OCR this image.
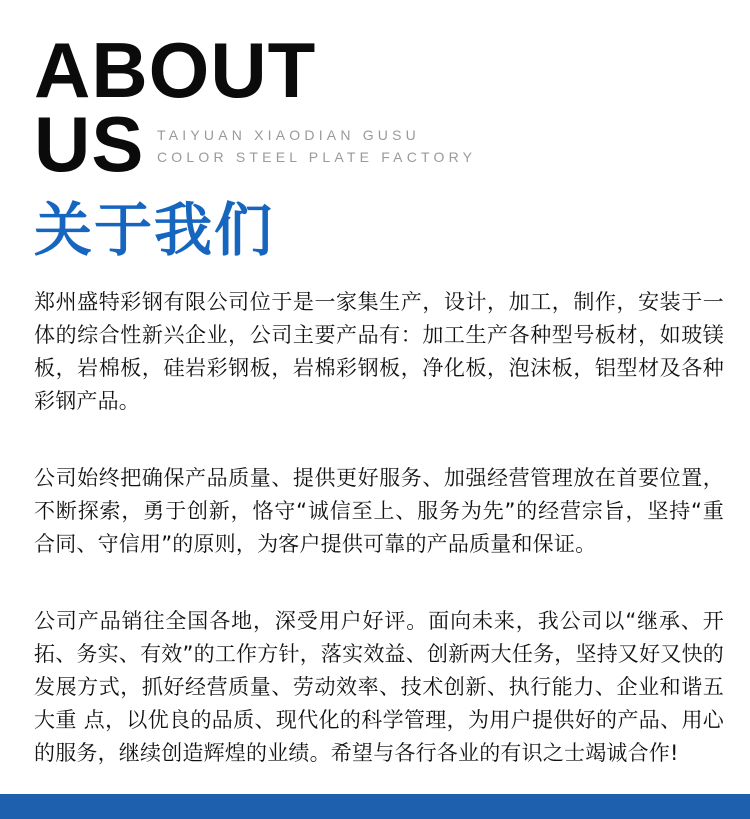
ABOUT
US TAIYUAN XIAODIAN GUSU
COLOR STEEL PLATE FACTORY
关于我们

郑州盛特彩钢有限公司位于是一家集生产，设计，加工，制作，安装于一体的综合性新兴企业，公司主要产品有：加工生产各种型号板材，如玻镁板，岩棉板，硅岩彩钢板，岩棉彩钢板，净化板，泡沫板，铝型材及各种彩钢产品。

公司始终把确保产品质量、提供更好服务、加强经营管理放在首要位置，不断探索，勇于创新，恪守“诚信至上、服务为先”的经营宗旨，坚持“重合同、守信用”的原则，为客户提供可靠的产品质量和保证。

公司产品销往全国各地，深受用户好评。面向未来，我公司以“继承、开拓、务实、有效”的工作方针，落实效益、创新两大任务，坚持又好又快的发展方式，抓好经营质量、劳动效率、技术创新、执行能力、企业和谐五大重 点，以优良的品质、现代化的科学管理，为用户提供好的产品、用心的服务，继续创造辉煌的业绩。希望与各行各业的有识之士竭诚合作!
